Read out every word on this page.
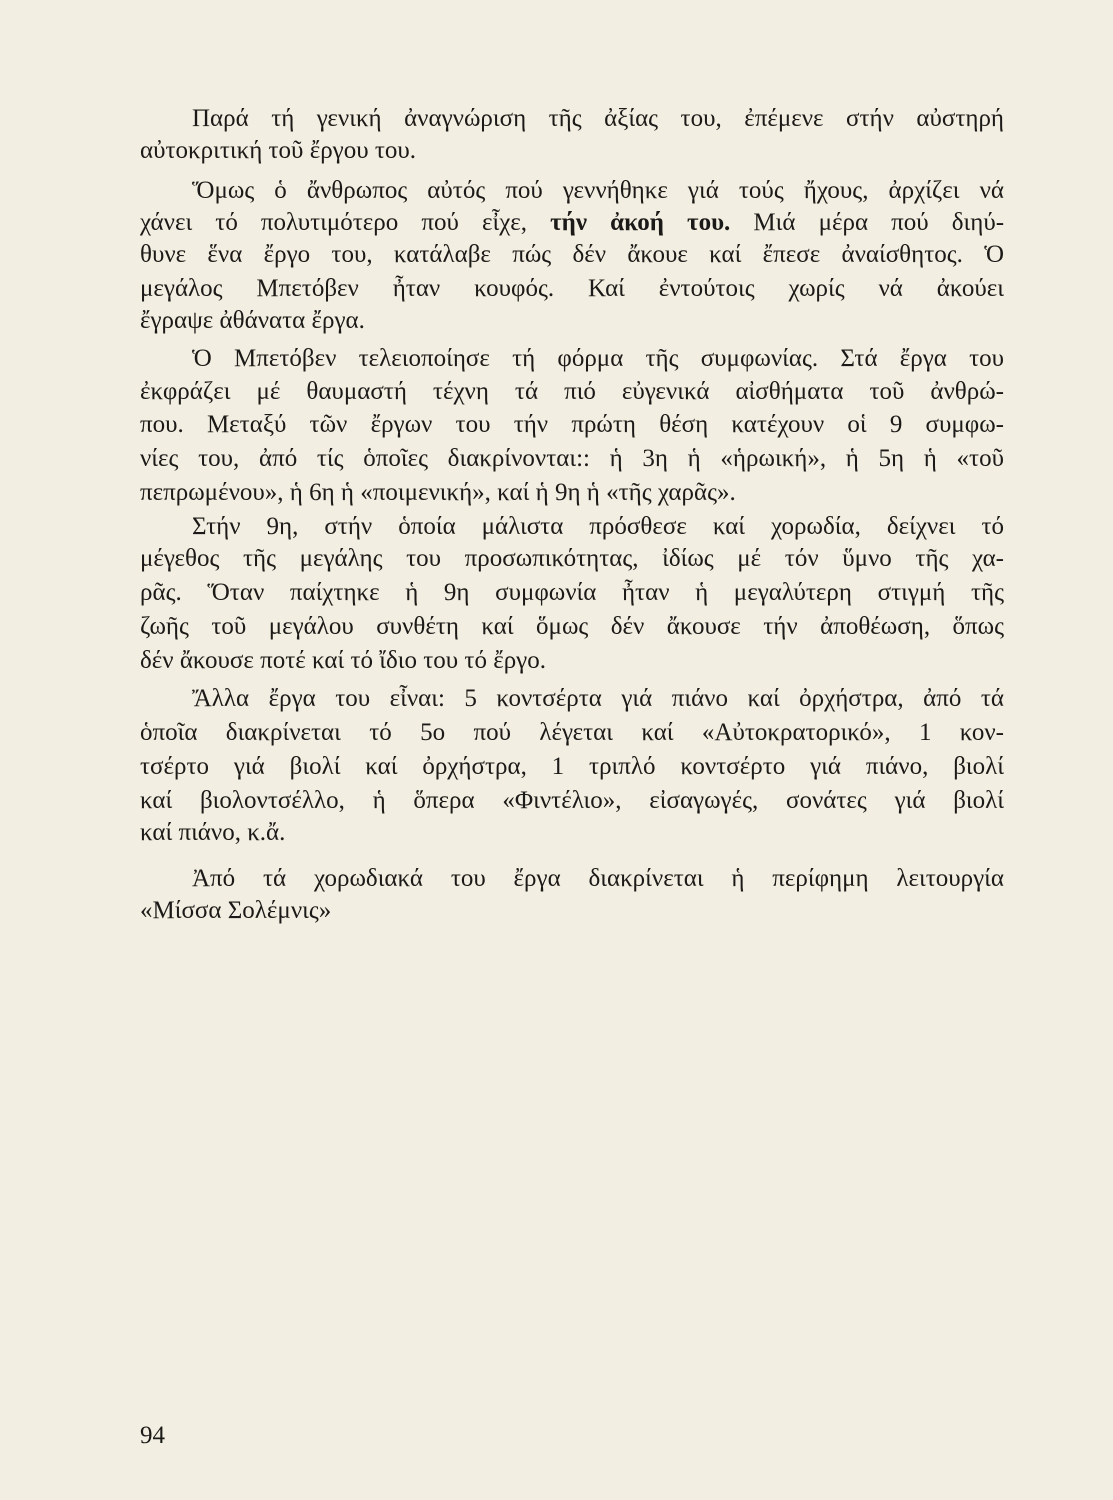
Παρά τή γενική ἀναγνώριση τῆς ἀξίας του, ἐπέμενε στήν αὐστηρή
αὐτοκριτική τοῦ ἔργου του.
Ὅμως ὁ ἄνθρωπος αὐτός πού γεννήθηκε γιά τούς ἤχους, ἀρχίζει νά
χάνει τό πολυτιμότερο πού εἶχε, τήν ἀκοή του. Μιά μέρα πού διηύ-
θυνε ἕνα ἔργο του, κατάλαβε πώς δέν ἄκουε καί ἔπεσε ἀναίσθητος. Ὁ
μεγάλος Μπετόβεν ἦταν κουφός. Καί ἐντούτοις χωρίς νά ἀκούει
ἔγραψε ἀθάνατα ἔργα.
Ὁ Μπετόβεν τελειοποίησε τή φόρμα τῆς συμφωνίας. Στά ἔργα του
ἐκφράζει μέ θαυμαστή τέχνη τά πιό εὐγενικά αἰσθήματα τοῦ ἀνθρώ-
που. Μεταξύ τῶν ἔργων του τήν πρώτη θέση κατέχουν οἱ 9 συμφω-
νίες του, ἀπό τίς ὁποῖες διακρίνονται:: ἡ 3η ἡ «ἡρωική», ἡ 5η ἡ «τοῦ
πεπρωμένου», ἡ 6η ἡ «ποιμενική», καί ἡ 9η ἡ «τῆς χαρᾶς».
Στήν 9η, στήν ὁποία μάλιστα πρόσθεσε καί χορωδία, δείχνει τό
μέγεθος τῆς μεγάλης του προσωπικότητας, ἰδίως μέ τόν ὕμνο τῆς χα-
ρᾶς. Ὅταν παίχτηκε ἡ 9η συμφωνία ἦταν ἡ μεγαλύτερη στιγμή τῆς
ζωῆς τοῦ μεγάλου συνθέτη καί ὅμως δέν ἄκουσε τήν ἀποθέωση, ὅπως
δέν ἄκουσε ποτέ καί τό ἴδιο του τό ἔργο.
Ἄλλα ἔργα του εἶναι: 5 κοντσέρτα γιά πιάνο καί ὀρχήστρα, ἀπό τά
ὁποῖα διακρίνεται τό 5ο πού λέγεται καί «Αὐτοκρατορικό», 1 κον-
τσέρτο γιά βιολί καί ὀρχήστρα, 1 τριπλό κοντσέρτο γιά πιάνο, βιολί
καί βιολοντσέλλο, ἡ ὅπερα «Φιντέλιο», εἰσαγωγές, σονάτες γιά βιολί
καί πιάνο, κ.ἄ.
Ἀπό τά χορωδιακά του ἔργα διακρίνεται ἡ περίφημη λειτουργία
«Μίσσα Σολέμνις»
94
